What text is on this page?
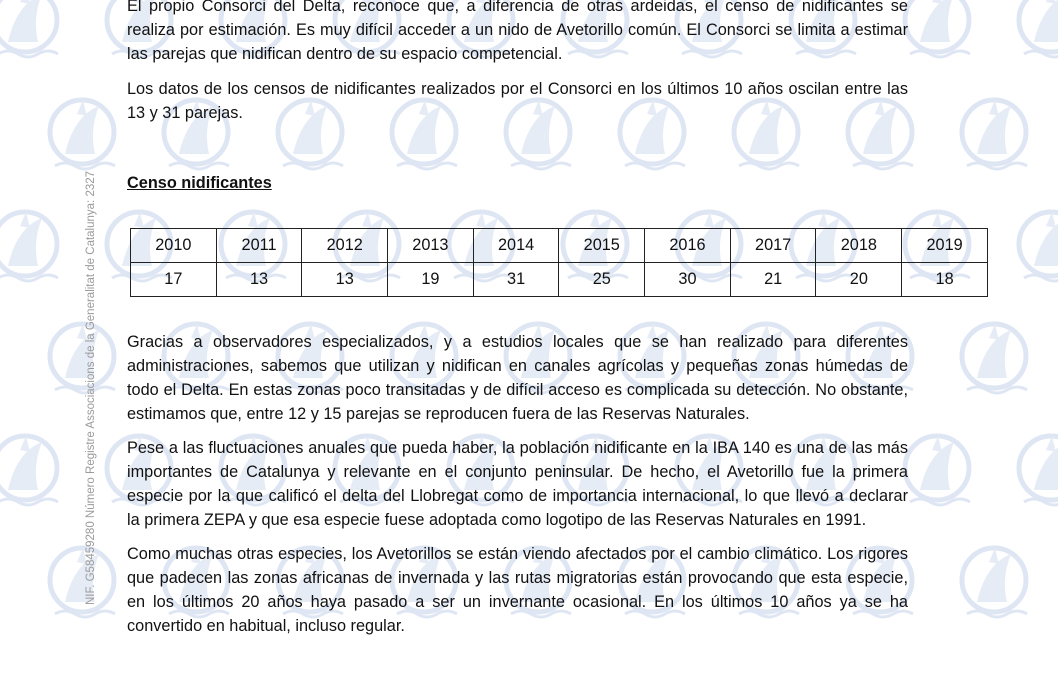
NIF. G58459280 Número Registre Associacions de la Generalitat de Catalunya: 2327

El propio Consorci del Delta, reconoce que, a diferencia de otras ardeidas, el censo de nidificantes se realiza por estimación. Es muy difícil acceder a un nido de Avetorillo común. El Consorci se limita a estimar las parejas que nidifican dentro de su espacio competencial.

Los datos de los censos de nidificantes realizados por el Consorci en los últimos 10 años oscilan entre las 13 y 31 parejas.

Censo nidificantes

2010	2011	2012	2013	2014	2015	2016	2017	2018	2019
17	13	13	19	31	25	30	21	20	18

Gracias a observadores especializados, y a estudios locales que se han realizado para diferentes administraciones, sabemos que utilizan y nidifican en canales agrícolas y pequeñas zonas húmedas de todo el Delta. En estas zonas poco transitadas y de difícil acceso es complicada su detección. No obstante, estimamos que, entre 12 y 15 parejas se reproducen fuera de las Reservas Naturales.

Pese a las fluctuaciones anuales que pueda haber, la población nidificante en la IBA 140 es una de las más importantes de Catalunya y relevante en el conjunto peninsular. De hecho, el Avetorillo fue la primera especie por la que calificó el delta del Llobregat como de importancia internacional, lo que llevó a declarar la primera ZEPA y que esa especie fuese adoptada como logotipo de las Reservas Naturales en 1991.

Como muchas otras especies, los Avetorillos se están viendo afectados por el cambio climático. Los rigores que padecen las zonas africanas de invernada y las rutas migratorias están provocando que esta especie, en los últimos 20 años haya pasado a ser un invernante ocasional. En los últimos 10 años ya se ha convertido en habitual, incluso regular.
